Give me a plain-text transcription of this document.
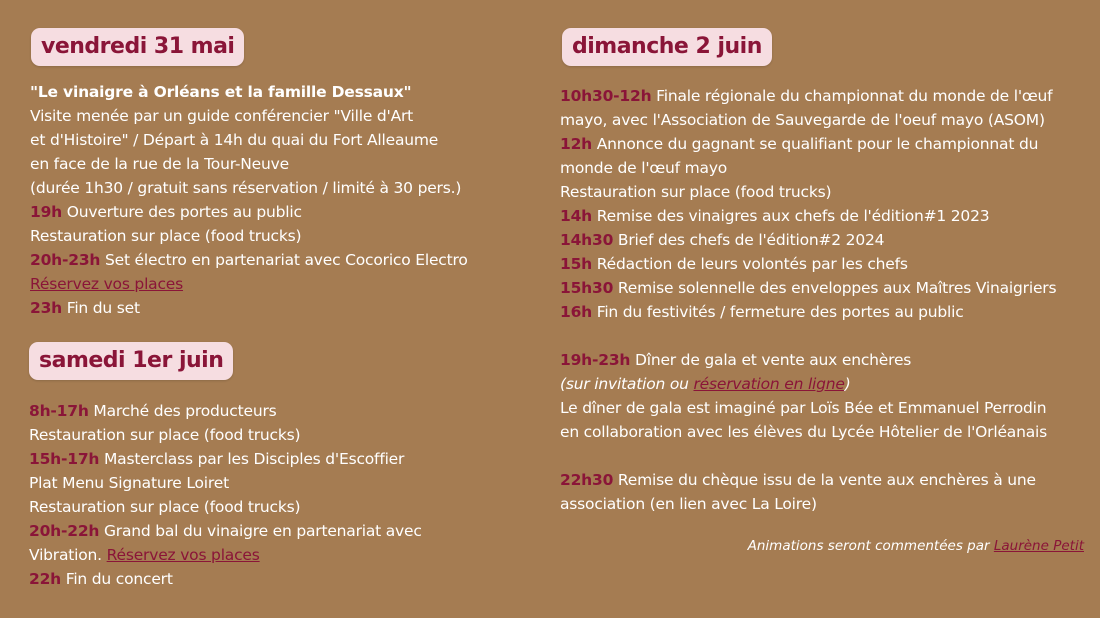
vendredi 31 mai
"Le vinaigre à Orléans et la famille Dessaux"
Visite menée par un guide conférencier "Ville d'Art
et d'Histoire" / Départ à 14h du quai du Fort Alleaume
en face de la rue de la Tour-Neuve
(durée 1h30 / gratuit sans réservation / limité à 30 pers.)
19h Ouverture des portes au public
Restauration sur place (food trucks)
20h-23h Set électro en partenariat avec Cocorico Electro
Réservez vos places
23h Fin du set
samedi 1er juin
8h-17h Marché des producteurs
Restauration sur place (food trucks)
15h-17h Masterclass par les Disciples d'Escoffier
Plat Menu Signature Loiret
Restauration sur place (food trucks)
20h-22h Grand bal du vinaigre en partenariat avec
Vibration. Réservez vos places
22h Fin du concert
dimanche 2 juin
10h30-12h Finale régionale du championnat du monde de l'œuf
mayo, avec l'Association de Sauvegarde de l'oeuf mayo (ASOM)
12h Annonce du gagnant se qualifiant pour le championnat du
monde de l'œuf mayo
Restauration sur place (food trucks)
14h Remise des vinaigres aux chefs de l'édition#1 2023
14h30 Brief des chefs de l'édition#2 2024
15h Rédaction de leurs volontés par les chefs
15h30 Remise solennelle des enveloppes aux Maîtres Vinaigriers
16h Fin du festivités / fermeture des portes au public
19h-23h Dîner de gala et vente aux enchères
(sur invitation ou réservation en ligne)
Le dîner de gala est imaginé par Loïs Bée et Emmanuel Perrodin
en collaboration avec les élèves du Lycée Hôtelier de l'Orléanais
22h30 Remise du chèque issu de la vente aux enchères à une
association (en lien avec La Loire)
Animations seront commentées par Laurène Petit
